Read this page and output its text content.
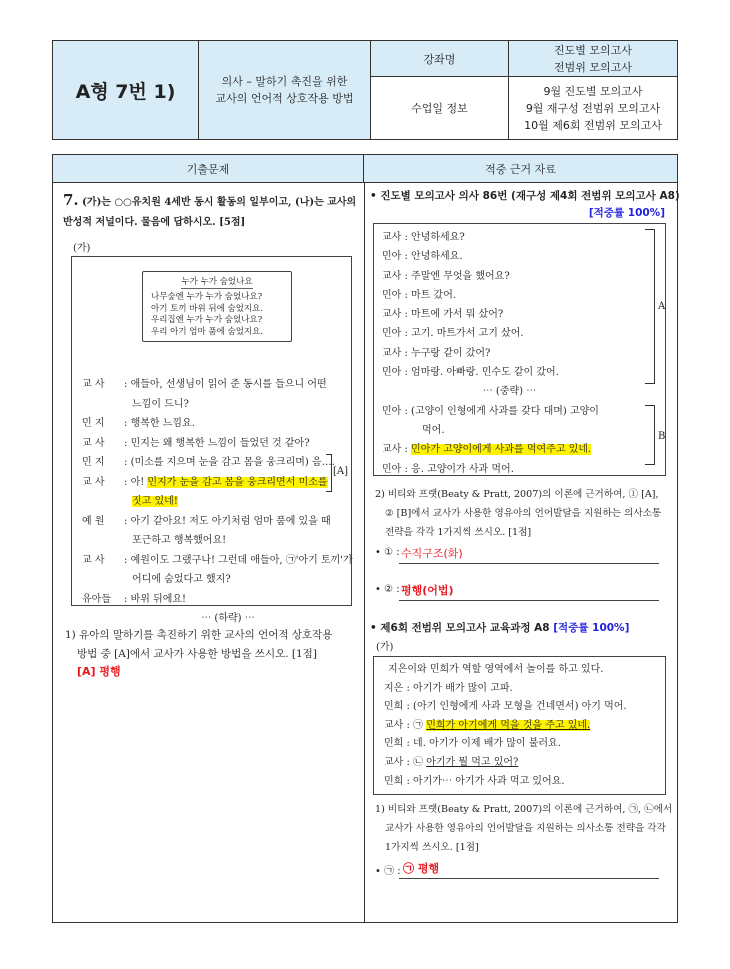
A형 7번 1)	의사 – 말하기 촉진을 위한
교사의 언어적 상호작용 방법
강좌명
진도별 모의고사
전범위 모의고사
수업일 정보
9월 진도별 모의고사
9월 재구성 전범위 모의고사
10월 제6회 전범위 모의고사
기출문제	적중 근거 자료
7. (가)는 ○○유치원 4세반 동시 활동의 일부이고, (나)는 교사의
반성적 저널이다. 물음에 답하시오. [5점]
(가)
누가 누가 숨었나요
나무숲엔 누가 누가 숨었나요?
아기 토끼 바위 뒤에 숨었지요.
우리집엔 누가 누가 숨었나요?
우리 아기 엄마 품에 숨었지요.
교 사 : 애들아, 선생님이 읽어 준 동시를 들으니 어떤
느낌이 드니?
민 지 : 행복한 느낌요.
교 사 : 민지는 왜 행복한 느낌이 들었던 것 같아?
민 지 : (미소를 지으며 눈을 감고 몸을 웅크리며) 음….
교 사 : 아! 민지가 눈을 감고 몸을 웅크리면서 미소를
짓고 있네!
예 원 : 아기 같아요! 저도 아기처럼 엄마 품에 있을 때
포근하고 행복했어요!
교 사 : 예원이도 그랬구나! 그런데 애들아, ㉠'아기 토끼'가
어디에 숨었다고 했지?
유아들 : 바위 뒤에요!
⋯ (하략) ⋯
[A]
1) 유아의 말하기를 촉진하기 위한 교사의 언어적 상호작용
방법 중 [A]에서 교사가 사용한 방법을 쓰시오. [1점]
[A] 평행
• 진도별 모의고사 의사 86번 (재구성 제4회 전범위 모의고사 A8)
[적중률 100%]
교사 : 안녕하세요?
민아 : 안녕하세요.
교사 : 주말엔 무엇을 했어요?
민아 : 마트 갔어.
교사 : 마트에 가서 뭐 샀어?
민아 : 고기. 마트가서 고기 샀어.
교사 : 누구랑 같이 갔어?
민아 : 엄마랑. 아빠랑. 민수도 같이 갔어.
⋯ (중략) ⋯
민아 : (고양이 인형에게 사과를 갖다 대며) 고양이
먹어.
교사 : 민아가 고양이에게 사과를 먹여주고 있네.
민아 : 응. 고양이가 사과 먹어.
A
B
2) 비티와 프랫(Beaty & Pratt, 2007)의 이론에 근거하여, ① [A],
② [B]에서 교사가 사용한 영유아의 언어발달을 지원하는 의사소통
전략을 각각 1가지씩 쓰시오. [1점]
• ① : 수직구조(화)
• ② : 평행(어법)
• 제6회 전범위 모의고사 교육과정 A8 [적중률 100%]
(가)
지은이와 민희가 역할 영역에서 놀이를 하고 있다.
지은 : 아기가 배가 많이 고파.
민희 : (아기 인형에게 사과 모형을 건네면서) 아기 먹어.
교사 : ㉠ 민희가 아기에게 먹을 것을 주고 있네.
민희 : 네. 아기가 이제 배가 많이 불러요.
교사 : ㉡ 아기가 뭘 먹고 있어?
민희 : 아기가⋯ 아기가 사과 먹고 있어요.
1) 비티와 프랫(Beaty & Pratt, 2007)의 이론에 근거하여, ㉠, ㉡에서
교사가 사용한 영유아의 언어발달을 지원하는 의사소통 전략을 각각
1가지씩 쓰시오. [1점]
• ㉠ : ㉠ 평행
